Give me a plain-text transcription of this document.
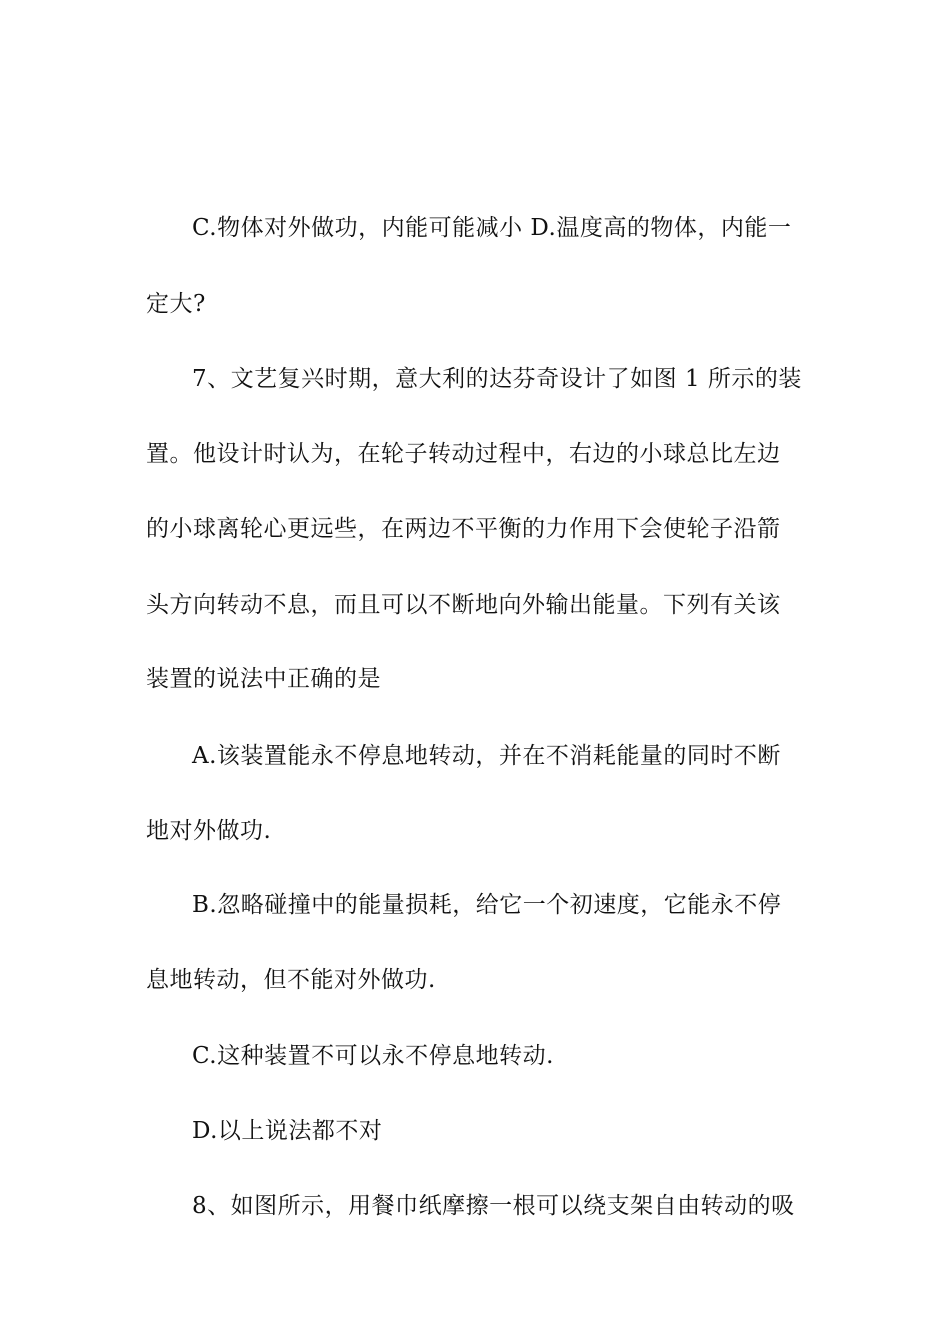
C.物体对外做功，内能可能减小 D.温度高的物体，内能一
定大?
7、文艺复兴时期，意大利的达芬奇设计了如图 1 所示的装
置。他设计时认为，在轮子转动过程中，右边的小球总比左边
的小球离轮心更远些，在两边不平衡的力作用下会使轮子沿箭
头方向转动不息，而且可以不断地向外输出能量。下列有关该
装置的说法中正确的是
A.该装置能永不停息地转动，并在不消耗能量的同时不断
地对外做功.
B.忽略碰撞中的能量损耗，给它一个初速度，它能永不停
息地转动，但不能对外做功.
C.这种装置不可以永不停息地转动.
D.以上说法都不对
8、如图所示，用餐巾纸摩擦一根可以绕支架自由转动的吸
